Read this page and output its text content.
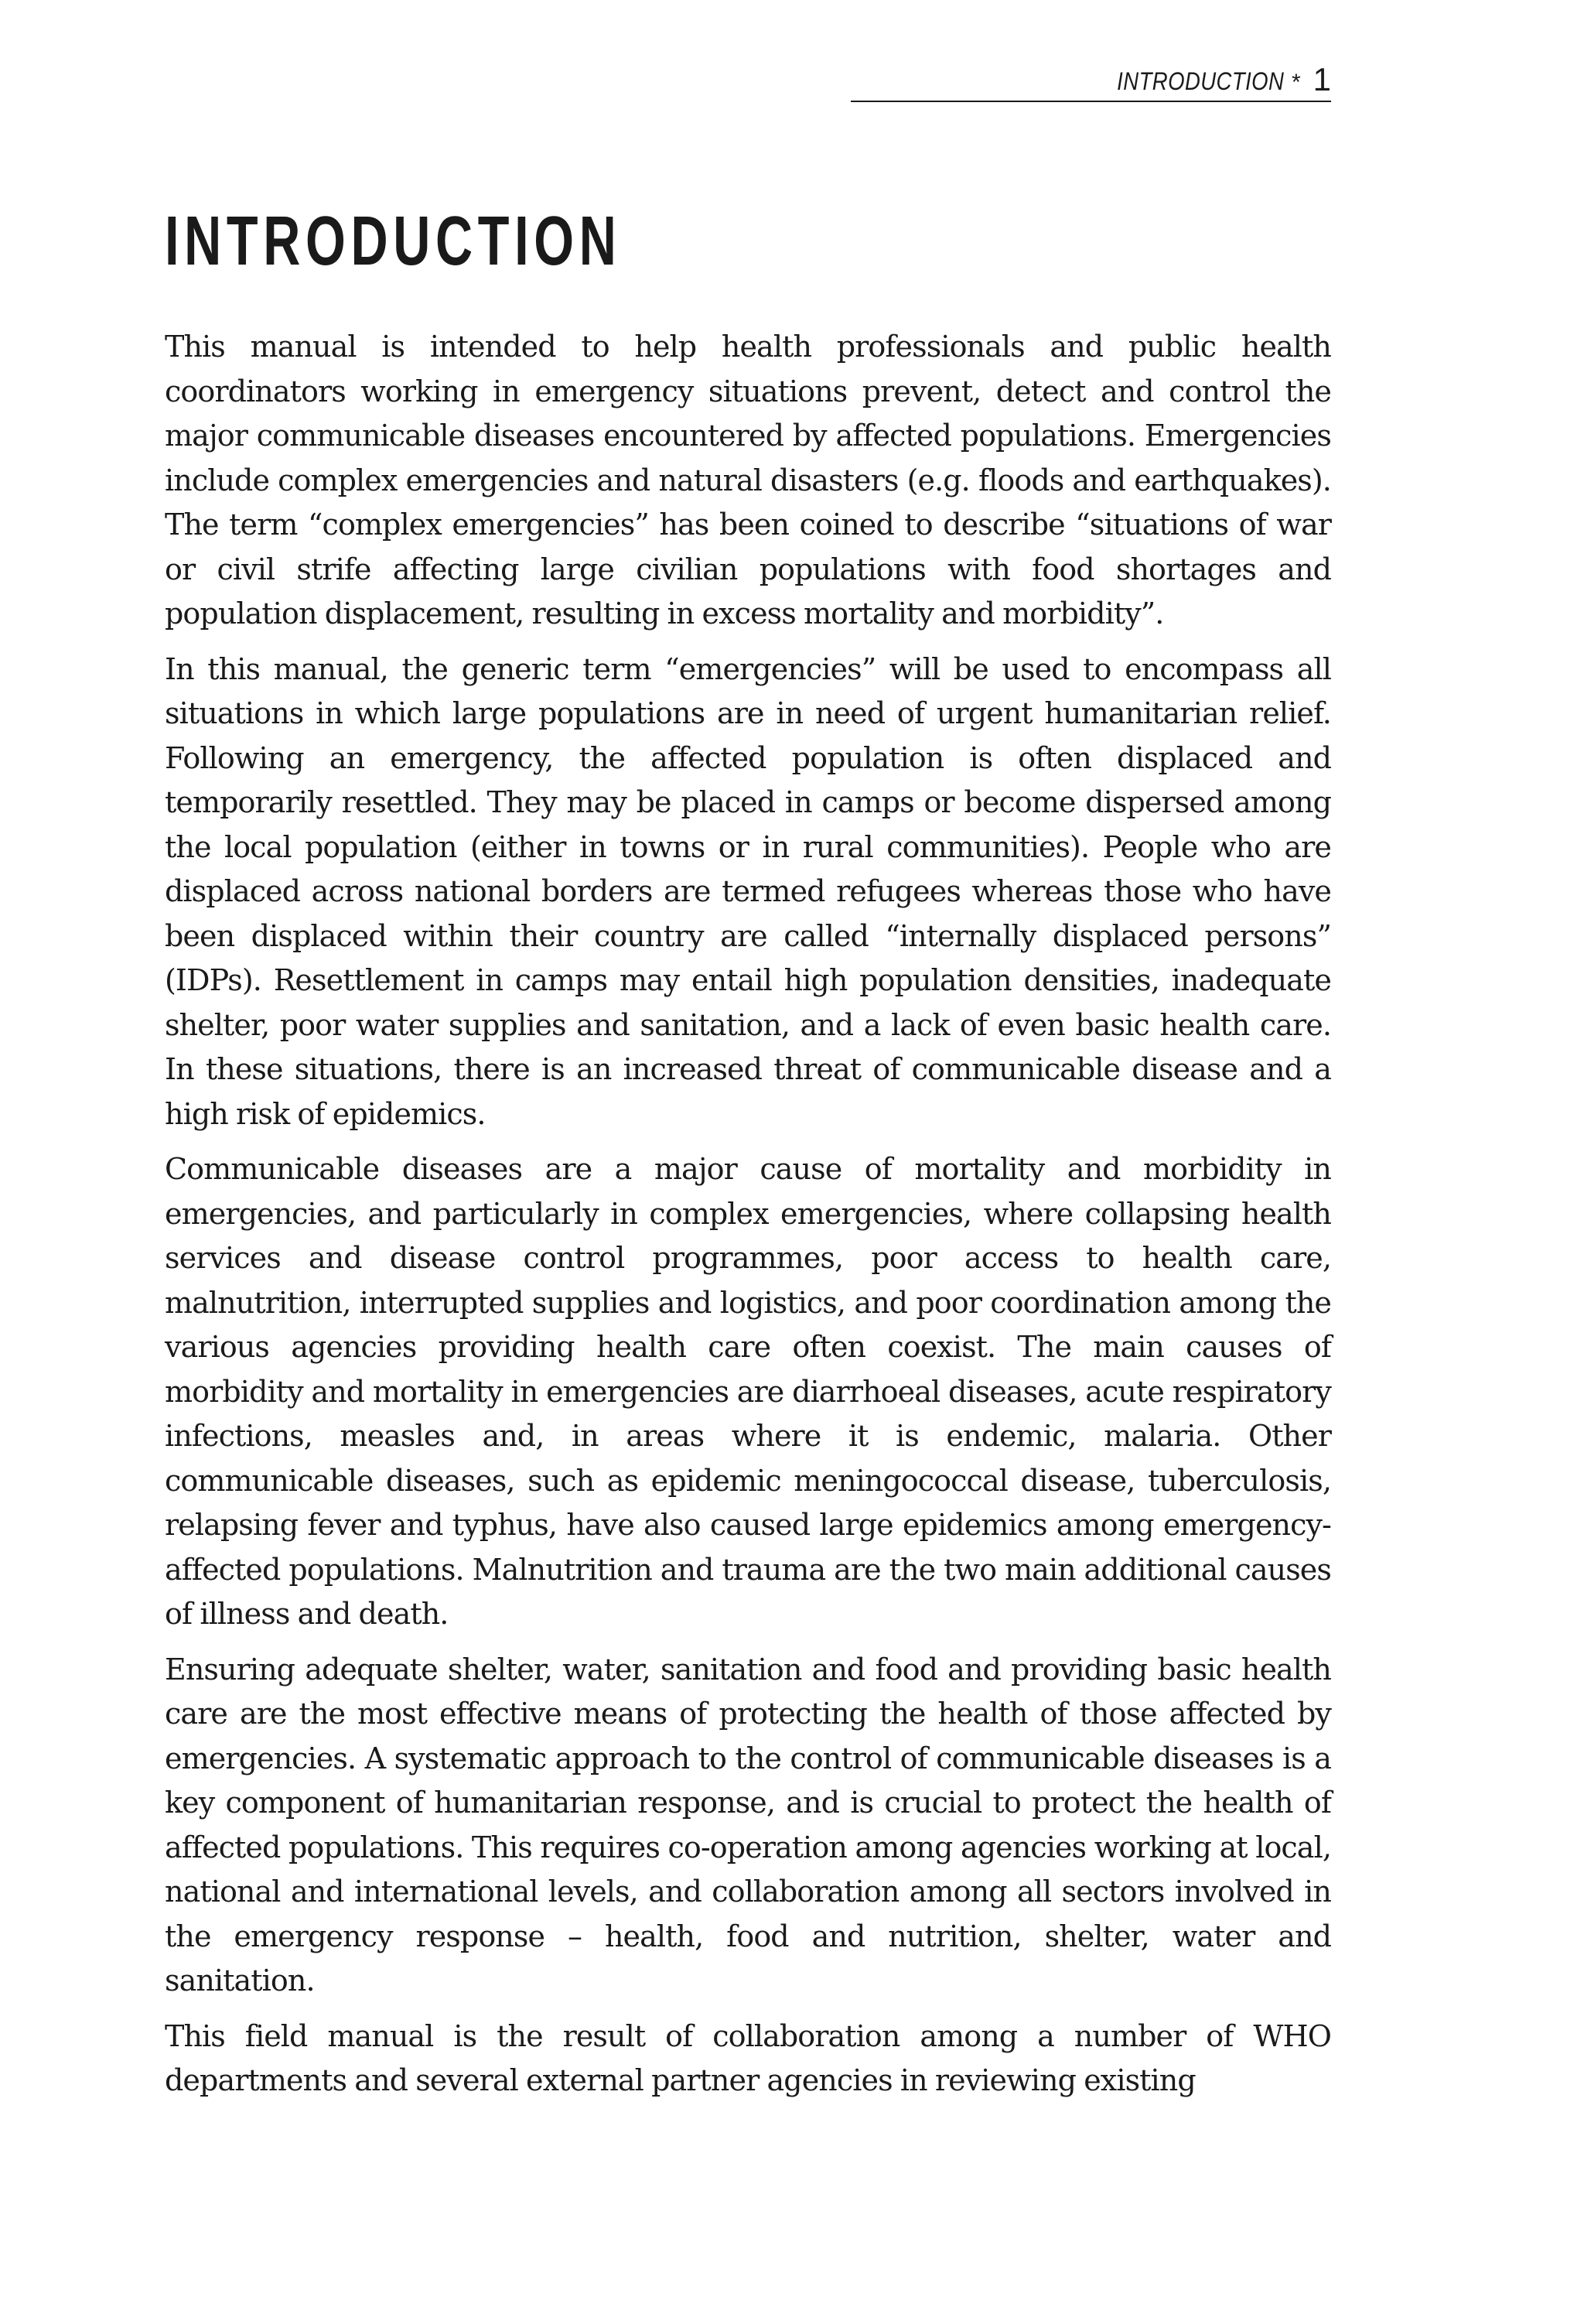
INTRODUCTION * 1
INTRODUCTION

This manual is intended to help health professionals and public health coordinators working in emergency situations prevent, detect and control the major communicable diseases encountered by affected populations. Emergencies include complex emergencies and natural disasters (e.g. floods and earthquakes). The term “complex emergencies” has been coined to describe “situations of war or civil strife affecting large civilian populations with food shortages and population displacement, resulting in excess mortality and morbidity”.

In this manual, the generic term “emergencies” will be used to encompass all situations in which large populations are in need of urgent humanitarian relief. Following an emergency, the affected population is often displaced and temporarily resettled. They may be placed in camps or become dispersed among the local population (either in towns or in rural communities). People who are displaced across national borders are termed refugees whereas those who have been displaced within their country are called “internally displaced persons” (IDPs). Resettlement in camps may entail high population densities, inadequate shelter, poor water supplies and sanitation, and a lack of even basic health care. In these situations, there is an increased threat of communicable disease and a high risk of epidemics.

Communicable diseases are a major cause of mortality and morbidity in emergencies, and particularly in complex emergencies, where collapsing health services and disease control programmes, poor access to health care, malnutrition, interrupted supplies and logistics, and poor coordination among the various agencies providing health care often coexist. The main causes of morbidity and mortality in emergencies are diarrhoeal diseases, acute respiratory infections, measles and, in areas where it is endemic, malaria. Other communicable diseases, such as epidemic meningococcal disease, tuberculosis, relapsing fever and typhus, have also caused large epidemics among emergency-affected populations. Malnutrition and trauma are the two main additional causes of illness and death.

Ensuring adequate shelter, water, sanitation and food and providing basic health care are the most effective means of protecting the health of those affected by emergencies. A systematic approach to the control of communicable diseases is a key component of humanitarian response, and is crucial to protect the health of affected populations. This requires co-operation among agencies working at local, national and international levels, and collaboration among all sectors involved in the emergency response – health, food and nutrition, shelter, water and sanitation.

This field manual is the result of collaboration among a number of WHO departments and several external partner agencies in reviewing existing
